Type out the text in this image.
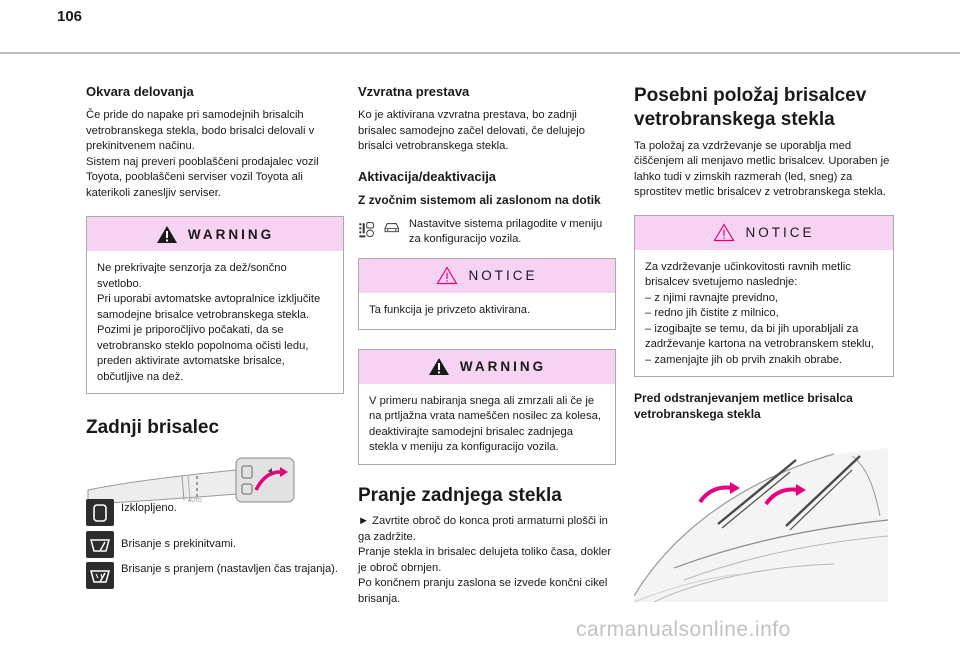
106
Okvara delovanja

Če pride do napake pri samodejnih brisalcih vetrobranskega stekla, bodo brisalci delovali v prekinitvenem načinu.
Sistem naj preveri pooblaščeni prodajalec vozil Toyota, pooblaščeni serviser vozil Toyota ali katerikoli zanesljiv serviser.

WARNING

Ne prekrivajte senzorja za dež/sončno svetlobo.
Pri uporabi avtomatske avtopralnice izključite samodejne brisalce vetrobranskega stekla.
Pozimi je priporočljivo počakati, da se vetrobransko steklo popolnoma očisti ledu, preden aktivirate avtomatske brisalce, občutljive na dež.

Zadnji brisalec
AUTO

Izklopljeno.

Brisanje s prekinitvami.

Brisanje s pranjem (nastavljen čas trajanja).

Vzvratna prestava

Ko je aktivirana vzvratna prestava, bo zadnji brisalec samodejno začel delovati, če delujejo brisalci vetrobranskega stekla.

Aktivacija/deaktivacija
Z zvočnim sistemom ali zaslonom na dotik

Nastavitve sistema prilagodite v meniju za konfiguracijo vozila.

NOTICE

Ta funkcija je privzeto aktivirana.

WARNING

V primeru nabiranja snega ali zmrzali ali če je na prtljažna vrata nameščen nosilec za kolesa, deaktivirajte samodejni brisalec zadnjega stekla v meniju za konfiguracijo vozila.

Pranje zadnjega stekla

► Zavrtite obroč do konca proti armaturni plošči in ga zadržite.
Pranje stekla in brisalec delujeta toliko časa, dokler je obroč obrnjen.
Po končnem pranju zaslona se izvede končni cikel brisanja.

Posebni položaj brisalcev vetrobranskega stekla

Ta položaj za vzdrževanje se uporablja med čiščenjem ali menjavo metlic brisalcev. Uporaben je lahko tudi v zimskih razmerah (led, sneg) za sprostitev metlic brisalcev z vetrobranskega stekla.

NOTICE

Za vzdrževanje učinkovitosti ravnih metlic brisalcev svetujemo naslednje:
– z njimi ravnajte previdno,
– redno jih čistite z milnico,
– izogibajte se temu, da bi jih uporabljali za zadrževanje kartona na vetrobranskem steklu,
– zamenjajte jih ob prvih znakih obrabe.

Pred odstranjevanjem metlice brisalca vetrobranskega stekla
carmanualsonline.info
